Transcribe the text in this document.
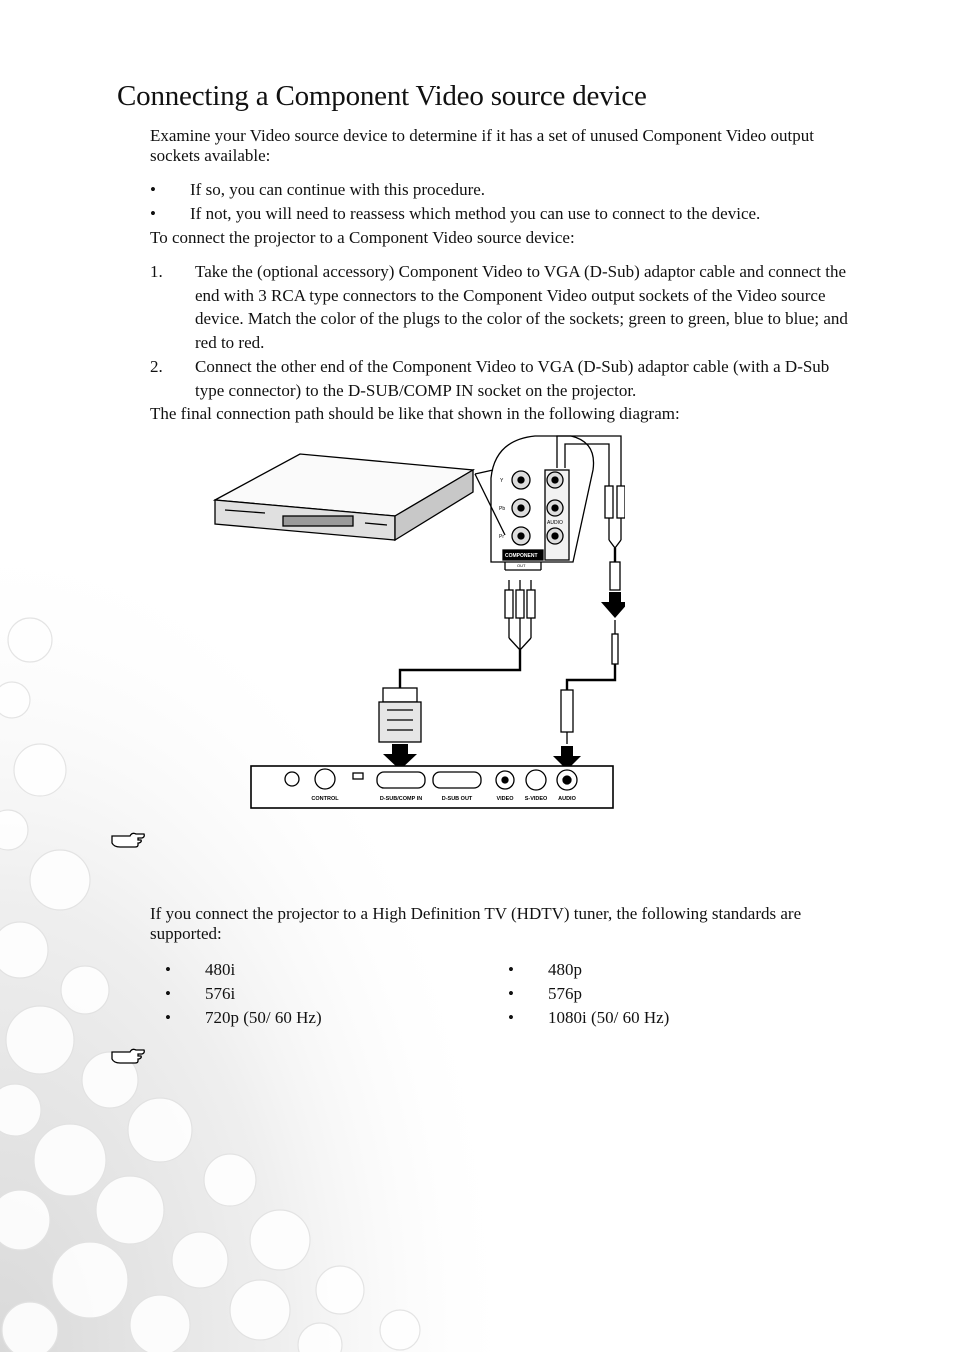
Connecting a Component Video source device

Examine your Video source device to determine if it has a set of unused Component Video output sockets available:

• If so, you can continue with this procedure.
• If not, you will need to reassess which method you can use to connect to the device.

To connect the projector to a Component Video source device:

1. Take the (optional accessory) Component Video to VGA (D-Sub) adaptor cable and connect the end with 3 RCA type connectors to the Component Video output sockets of the Video source device. Match the color of the plugs to the color of the sockets; green to green, blue to blue; and red to red.
2. Connect the other end of the Component Video to VGA (D-Sub) adaptor cable (with a D-Sub type connector) to the D-SUB/COMP IN socket on the projector.

The final connection path should be like that shown in the following diagram:

Y
Pb
Pr
AUDIO
COMPONENT
OUT
CONTROL	D-SUB/COMP IN	D-SUB OUT	VIDEO S-VIDEO AUDIO

If you connect the projector to a High Definition TV (HDTV) tuner, the following standards are supported:

• 480i
• 576i
• 720p (50/ 60 Hz)
• 480p
• 576p
• 1080i (50/ 60 Hz)
